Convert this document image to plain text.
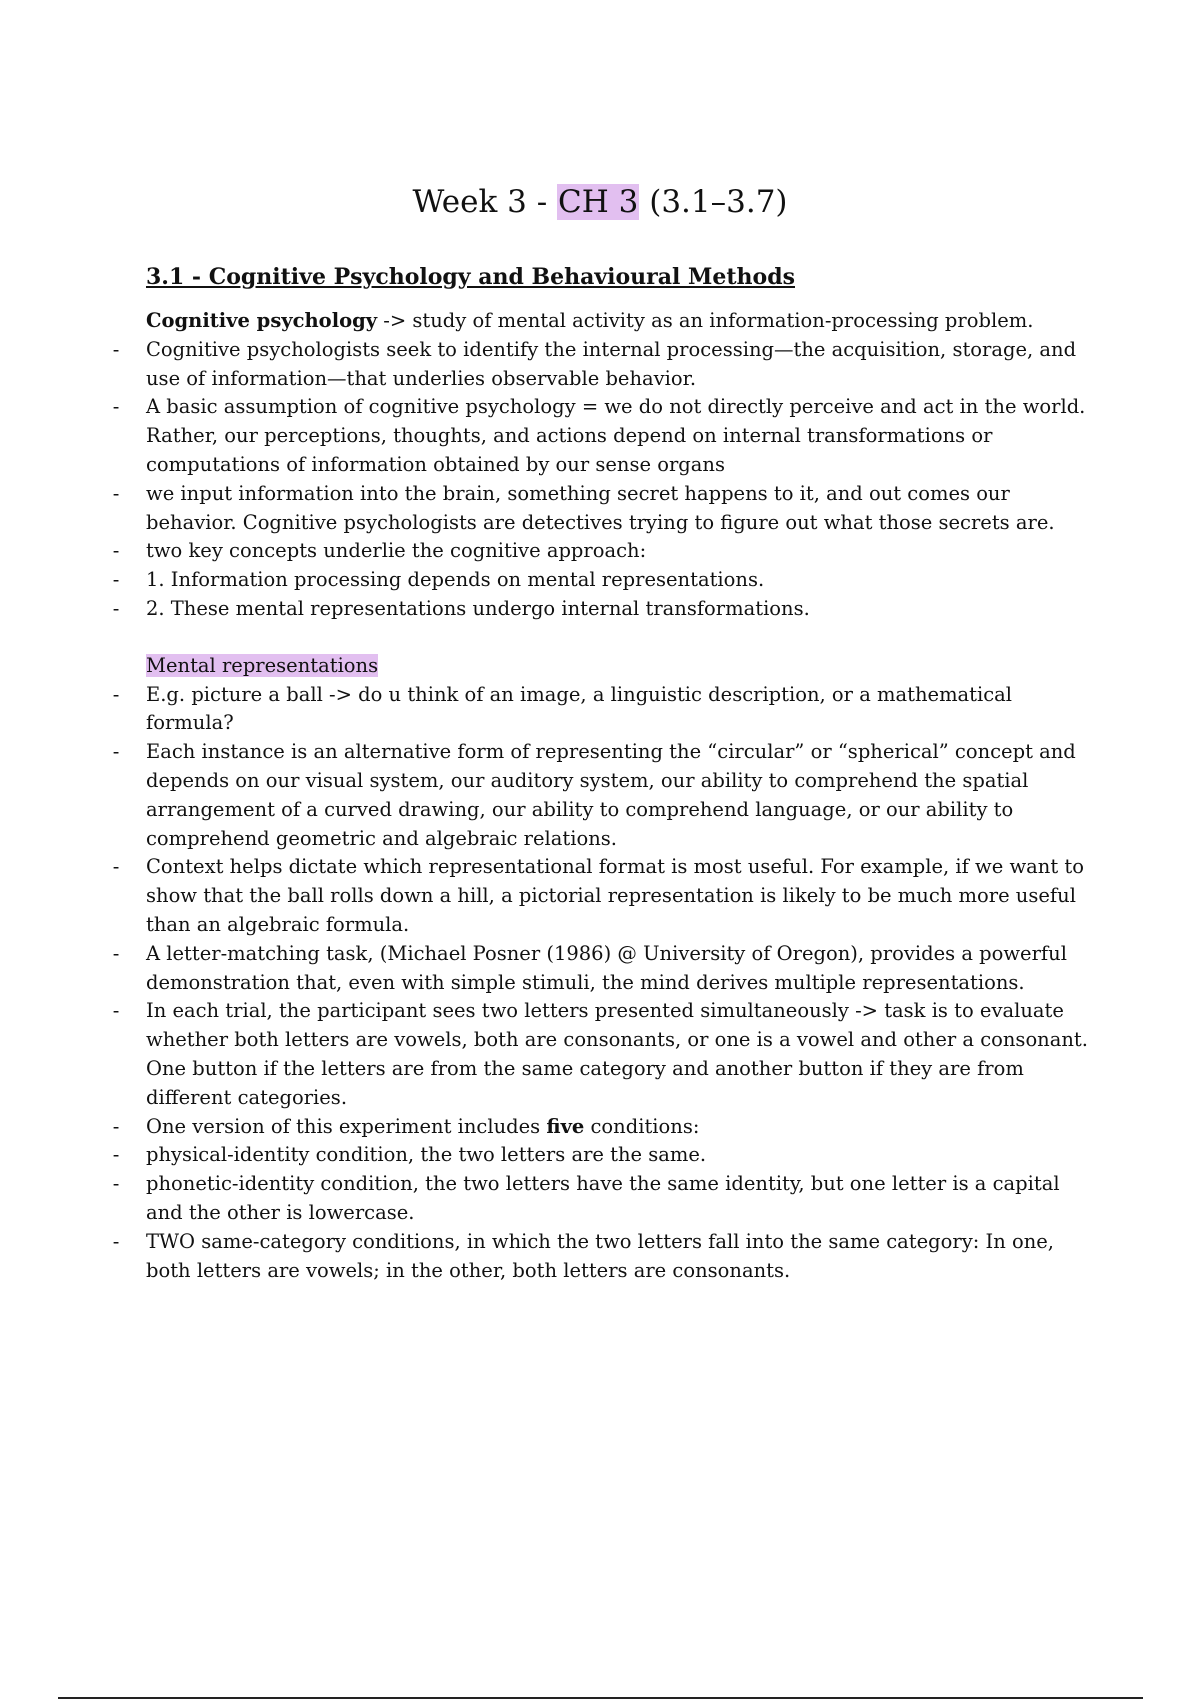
Week 3 - CH 3 (3.1–3.7)
3.1 - Cognitive Psychology and Behavioural Methods

Cognitive psychology -> study of mental activity as an information-processing problem.

- Cognitive psychologists seek to identify the internal processing—the acquisition, storage, and use of information—that underlies observable behavior.
- A basic assumption of cognitive psychology = we do not directly perceive and act in the world. Rather, our perceptions, thoughts, and actions depend on internal transformations or computations of information obtained by our sense organs
- we input information into the brain, something secret happens to it, and out comes our behavior. Cognitive psychologists are detectives trying to figure out what those secrets are.
- two key concepts underlie the cognitive approach:
- 1. Information processing depends on mental representations.
- 2. These mental representations undergo internal transformations.

Mental representations

- E.g. picture a ball -> do u think of an image, a linguistic description, or a mathematical formula?
- Each instance is an alternative form of representing the “circular” or “spherical” concept and depends on our visual system, our auditory system, our ability to comprehend the spatial arrangement of a curved drawing, our ability to comprehend language, or our ability to comprehend geometric and algebraic relations.
- Context helps dictate which representational format is most useful. For example, if we want to show that the ball rolls down a hill, a pictorial representation is likely to be much more useful than an algebraic formula.
- A letter-matching task, (Michael Posner (1986) @ University of Oregon), provides a powerful demonstration that, even with simple stimuli, the mind derives multiple representations.
- In each trial, the participant sees two letters presented simultaneously -> task is to evaluate whether both letters are vowels, both are consonants, or one is a vowel and other a consonant. One button if the letters are from the same category and another button if they are from different categories.
- One version of this experiment includes five conditions:
- physical-identity condition, the two letters are the same.
- phonetic-identity condition, the two letters have the same identity, but one letter is a capital and the other is lowercase.
- TWO same-category conditions, in which the two letters fall into the same category: In one, both letters are vowels; in the other, both letters are consonants.
